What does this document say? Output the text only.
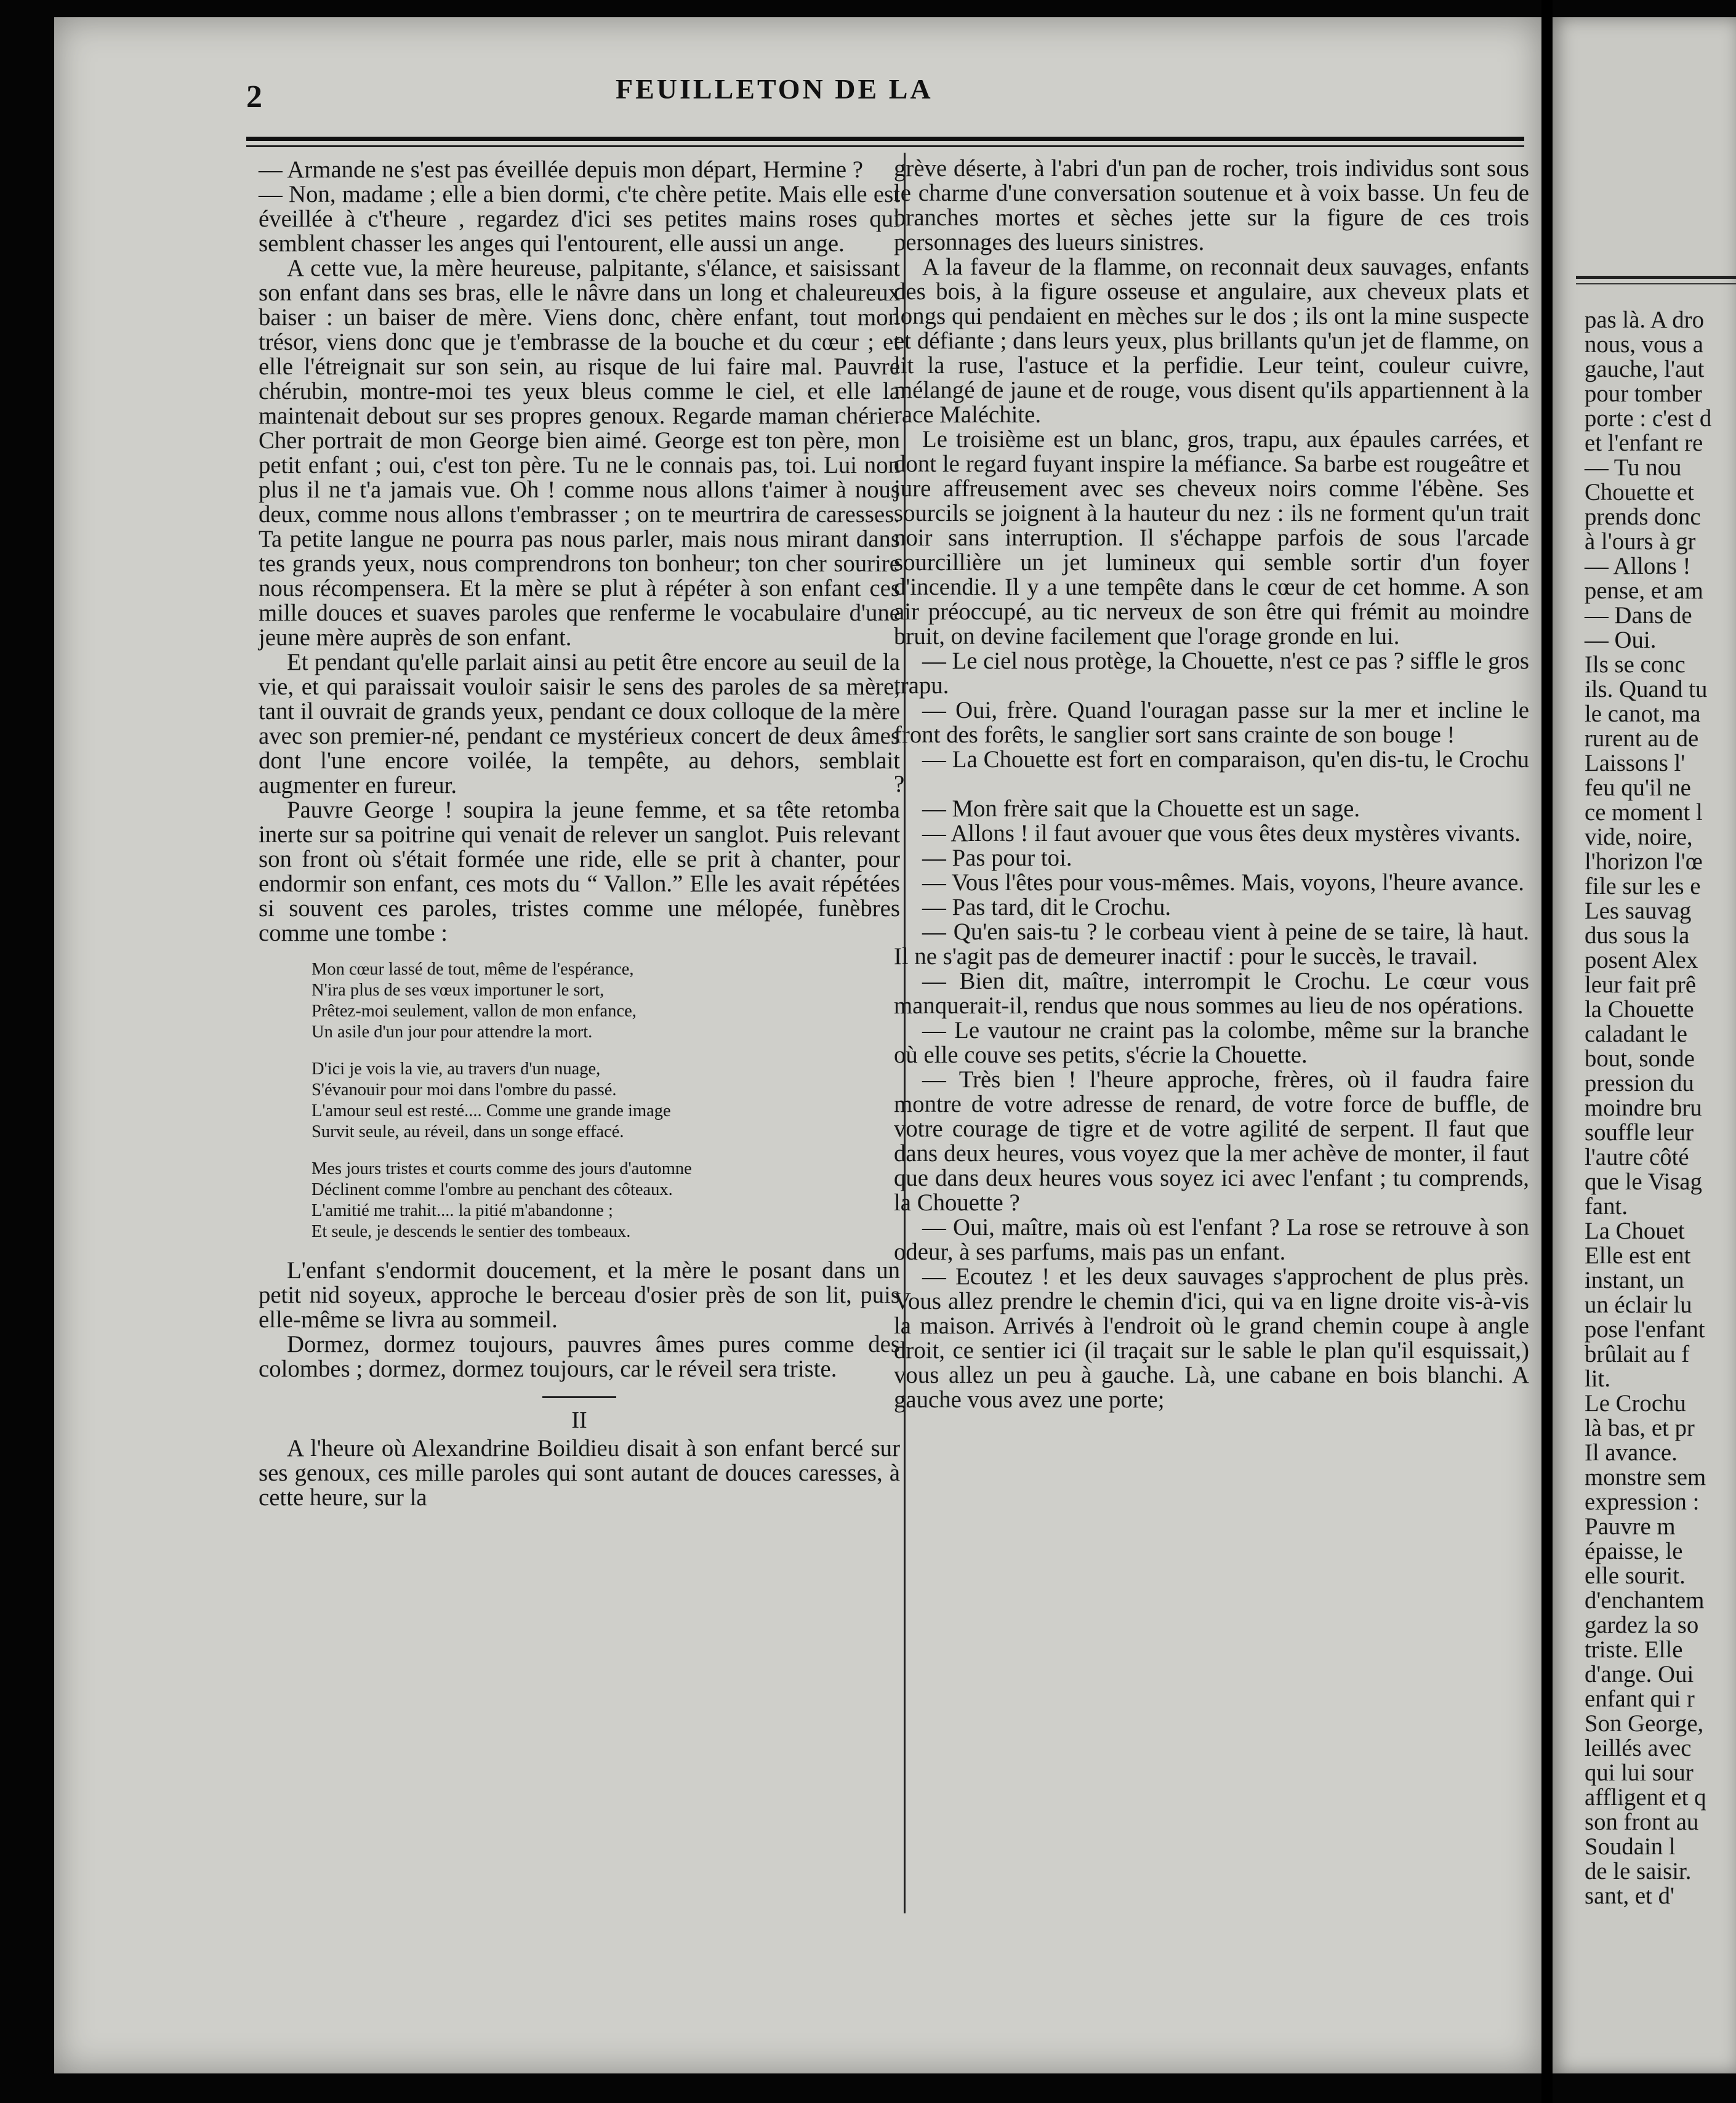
2	FEUILLETON DE LA

— Armande ne s'est pas éveillée depuis mon départ, Hermine ?

— Non, madame ; elle a bien dormi, c'te chère petite. Mais elle est éveillée à c't'heure , regardez d'ici ses petites mains roses qui semblent chasser les anges qui l'entourent, elle aussi un ange.

A cette vue, la mère heureuse, palpitante, s'élance, et saisissant son enfant dans ses bras, elle le nâvre dans un long et chaleureux baiser : un baiser de mère. Viens donc, chère enfant, tout mon trésor, viens donc que je t'embrasse de la bouche et du cœur ; et elle l'étreignait sur son sein, au risque de lui faire mal. Pauvre chérubin, montre-moi tes yeux bleus comme le ciel, et elle la maintenait debout sur ses propres genoux. Regarde maman chérie. Cher portrait de mon George bien aimé. George est ton père, mon petit enfant ; oui, c'est ton père. Tu ne le connais pas, toi. Lui non plus il ne t'a jamais vue. Oh ! comme nous allons t'aimer à nous deux, comme nous allons t'embrasser ; on te meurtrira de caresses. Ta petite langue ne pourra pas nous parler, mais nous mirant dans tes grands yeux, nous comprendrons ton bonheur; ton cher sourire nous récompensera. Et la mère se plut à répéter à son enfant ces mille douces et suaves paroles que renferme le vocabulaire d'une jeune mère auprès de son enfant.

Et pendant qu'elle parlait ainsi au petit être encore au seuil de la vie, et qui paraissait vouloir saisir le sens des paroles de sa mère, tant il ouvrait de grands yeux, pendant ce doux colloque de la mère avec son premier-né, pendant ce mystérieux concert de deux âmes dont l'une encore voilée, la tempête, au dehors, semblait augmenter en fureur.

Pauvre George ! soupira la jeune femme, et sa tête retomba inerte sur sa poitrine qui venait de relever un sanglot. Puis relevant son front où s'était formée une ride, elle se prit à chanter, pour endormir son enfant, ces mots du “ Vallon.” Elle les avait répétées si souvent ces paroles, tristes comme une mélopée, funèbres comme une tombe :

Mon cœur lassé de tout, même de l'espérance,
N'ira plus de ses vœux importuner le sort,
Prêtez-moi seulement, vallon de mon enfance,
Un asile d'un jour pour attendre la mort.
D'ici je vois la vie, au travers d'un nuage,
S'évanouir pour moi dans l'ombre du passé.
L'amour seul est resté.... Comme une grande image
Survit seule, au réveil, dans un songe effacé.
Mes jours tristes et courts comme des jours d'automne
Déclinent comme l'ombre au penchant des côteaux.
L'amitié me trahit.... la pitié m'abandonne ;
Et seule, je descends le sentier des tombeaux.

L'enfant s'endormit doucement, et la mère le posant dans un petit nid soyeux, approche le berceau d'osier près de son lit, puis elle-même se livra au sommeil.

Dormez, dormez toujours, pauvres âmes pures comme des colombes ; dormez, dormez toujours, car le réveil sera triste.

II

A l'heure où Alexandrine Boildieu disait à son enfant bercé sur ses genoux, ces mille paroles qui sont autant de douces caresses, à cette heure, sur la

grève déserte, à l'abri d'un pan de rocher, trois individus sont sous le charme d'une conversation soutenue et à voix basse. Un feu de branches mortes et sèches jette sur la figure de ces trois personnages des lueurs sinistres.

A la faveur de la flamme, on reconnait deux sauvages, enfants des bois, à la figure osseuse et angulaire, aux cheveux plats et longs qui pendaient en mèches sur le dos ; ils ont la mine suspecte et défiante ; dans leurs yeux, plus brillants qu'un jet de flamme, on lit la ruse, l'astuce et la perfidie. Leur teint, couleur cuivre, mélangé de jaune et de rouge, vous disent qu'ils appartiennent à la race Maléchite.

Le troisième est un blanc, gros, trapu, aux épaules carrées, et dont le regard fuyant inspire la méfiance. Sa barbe est rougeâtre et jure affreusement avec ses cheveux noirs comme l'ébène. Ses sourcils se joignent à la hauteur du nez : ils ne forment qu'un trait noir sans interruption. Il s'échappe parfois de sous l'arcade sourcillière un jet lumineux qui semble sortir d'un foyer d'incendie. Il y a une tempête dans le cœur de cet homme. A son air préoccupé, au tic nerveux de son être qui frémit au moindre bruit, on devine facilement que l'orage gronde en lui.

— Le ciel nous protège, la Chouette, n'est ce pas ? siffle le gros trapu.

— Oui, frère. Quand l'ouragan passe sur la mer et incline le front des forêts, le sanglier sort sans crainte de son bouge !

— La Chouette est fort en comparaison, qu'en dis-tu, le Crochu ?

— Mon frère sait que la Chouette est un sage.

— Allons ! il faut avouer que vous êtes deux mystères vivants.

— Pas pour toi.

— Vous l'êtes pour vous-mêmes. Mais, voyons, l'heure avance.

— Pas tard, dit le Crochu.

— Qu'en sais-tu ? le corbeau vient à peine de se taire, là haut. Il ne s'agit pas de demeurer inactif : pour le succès, le travail.

— Bien dit, maître, interrompit le Crochu. Le cœur vous manquerait-il, rendus que nous sommes au lieu de nos opérations.

— Le vautour ne craint pas la colombe, même sur la branche où elle couve ses petits, s'écrie la Chouette.

— Très bien ! l'heure approche, frères, où il faudra faire montre de votre adresse de renard, de votre force de buffle, de votre courage de tigre et de votre agilité de serpent. Il faut que dans deux heures, vous voyez que la mer achève de monter, il faut que dans deux heures vous soyez ici avec l'enfant ; tu comprends, la Chouette ?

— Oui, maître, mais où est l'enfant ? La rose se retrouve à son odeur, à ses parfums, mais pas un enfant.

— Ecoutez ! et les deux sauvages s'approchent de plus près. Vous allez prendre le chemin d'ici, qui va en ligne droite vis-à-vis la maison. Arrivés à l'endroit où le grand chemin coupe à angle droit, ce sentier ici (il traçait sur le sable le plan qu'il esquissait,) vous allez un peu à gauche. Là, une cabane en bois blanchi. A gauche vous avez une porte;

pas là. A dro
nous, vous a
gauche, l'aut
pour tomber
porte : c'est d
et l'enfant re
— Tu nou
Chouette et
prends donc
à l'ours à gr
— Allons !
pense, et am
— Dans de
— Oui.
Ils se conc
ils. Quand tu
le canot, ma
rurent au de
Laissons l'
feu qu'il ne
ce moment l
vide, noire,
l'horizon l'œ
file sur les e
Les sauvag
dus sous la
posent Alex
leur fait prê
la Chouette
caladant le
bout, sonde
pression du
moindre bru
souffle leur
l'autre côté
que le Visag
fant.
La Chouet
Elle est ent
instant, un
un éclair lu
pose l'enfant
brûlait au f
lit.
Le Crochu
là bas, et pr
Il avance.
monstre sem
expression :
Pauvre m
épaisse, le
elle sourit.
d'enchantem
gardez la so
triste. Elle
d'ange. Oui
enfant qui r
Son George,
leillés avec
qui lui sour
affligent et q
son front au
Soudain l
de le saisir.
sant, et d'
